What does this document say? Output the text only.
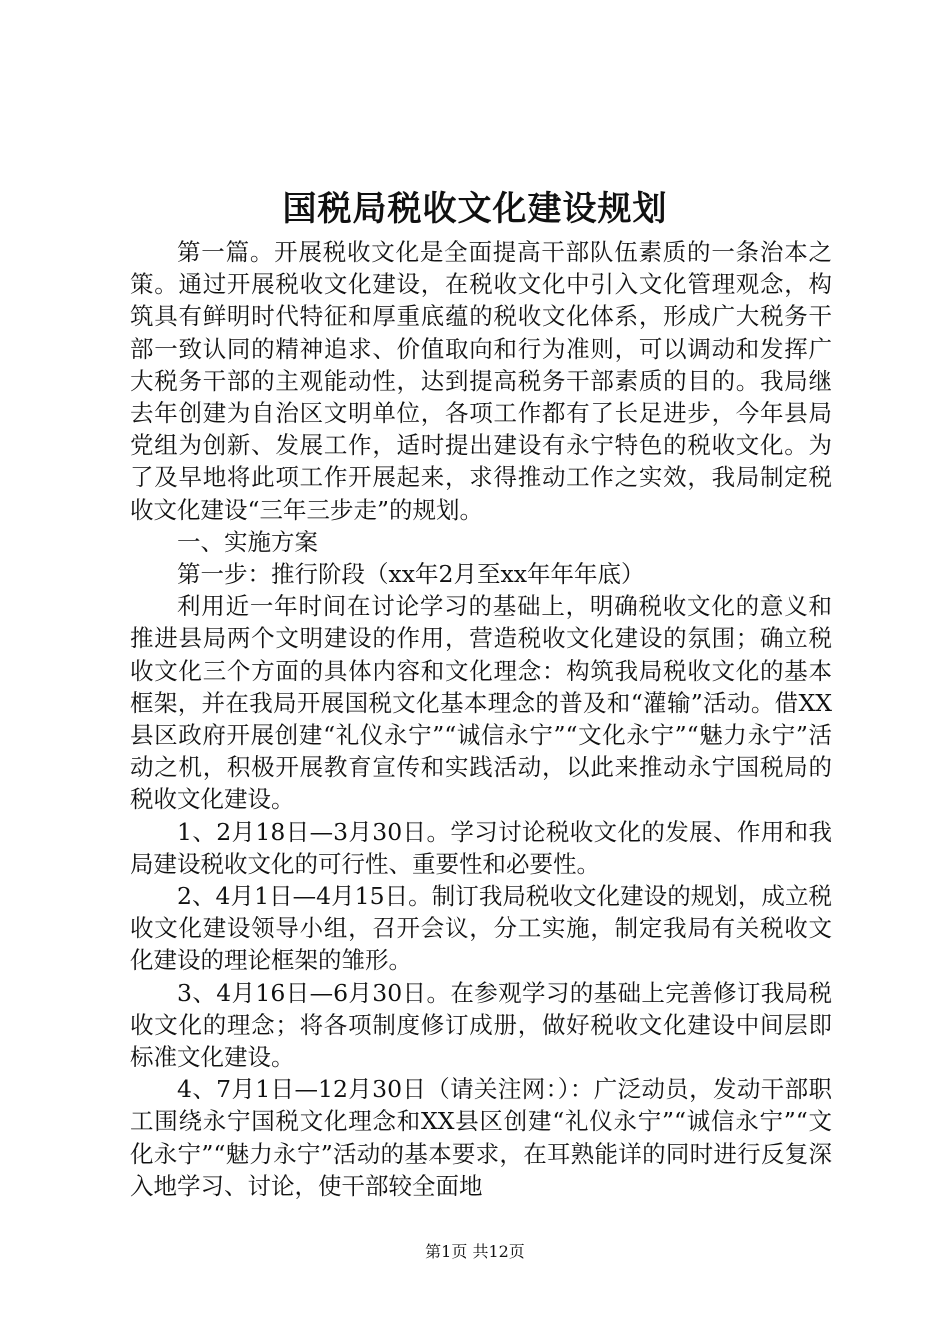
国税局税收文化建设规划

第一篇。开展税收文化是全面提高干部队伍素质的一条治本之策。通过开展税收文化建设，在税收文化中引入文化管理观念，构筑具有鲜明时代特征和厚重底蕴的税收文化体系，形成广大税务干部一致认同的精神追求、价值取向和行为准则，可以调动和发挥广大税务干部的主观能动性，达到提高税务干部素质的目的。我局继去年创建为自治区文明单位，各项工作都有了长足进步，今年县局党组为创新、发展工作，适时提出建设有永宁特色的税收文化。为了及早地将此项工作开展起来，求得推动工作之实效，我局制定税收文化建设“三年三步走”的规划。

一、实施方案

第一步：推行阶段（xx年2月至xx年年年底）

利用近一年时间在讨论学习的基础上，明确税收文化的意义和推进县局两个文明建设的作用，营造税收文化建设的氛围；确立税收文化三个方面的具体内容和文化理念：构筑我局税收文化的基本框架，并在我局开展国税文化基本理念的普及和“灌输”活动。借XX县区政府开展创建“礼仪永宁”“诚信永宁”“文化永宁”“魅力永宁”活动之机，积极开展教育宣传和实践活动，以此来推动永宁国税局的税收文化建设。

1、2月18日—3月30日。学习讨论税收文化的发展、作用和我局建设税收文化的可行性、重要性和必要性。

2、4月1日—4月15日。制订我局税收文化建设的规划，成立税收文化建设领导小组，召开会议，分工实施，制定我局有关税收文化建设的理论框架的雏形。

3、4月16日—6月30日。在参观学习的基础上完善修订我局税收文化的理念；将各项制度修订成册，做好税收文化建设中间层即标准文化建设。

4、7月1日—12月30日（请关注网：）：广泛动员，发动干部职工围绕永宁国税文化理念和XX县区创建“礼仪永宁”“诚信永宁”“文化永宁”“魅力永宁”活动的基本要求，在耳熟能详的同时进行反复深入地学习、讨论，使干部较全面地

第1页 共12页
